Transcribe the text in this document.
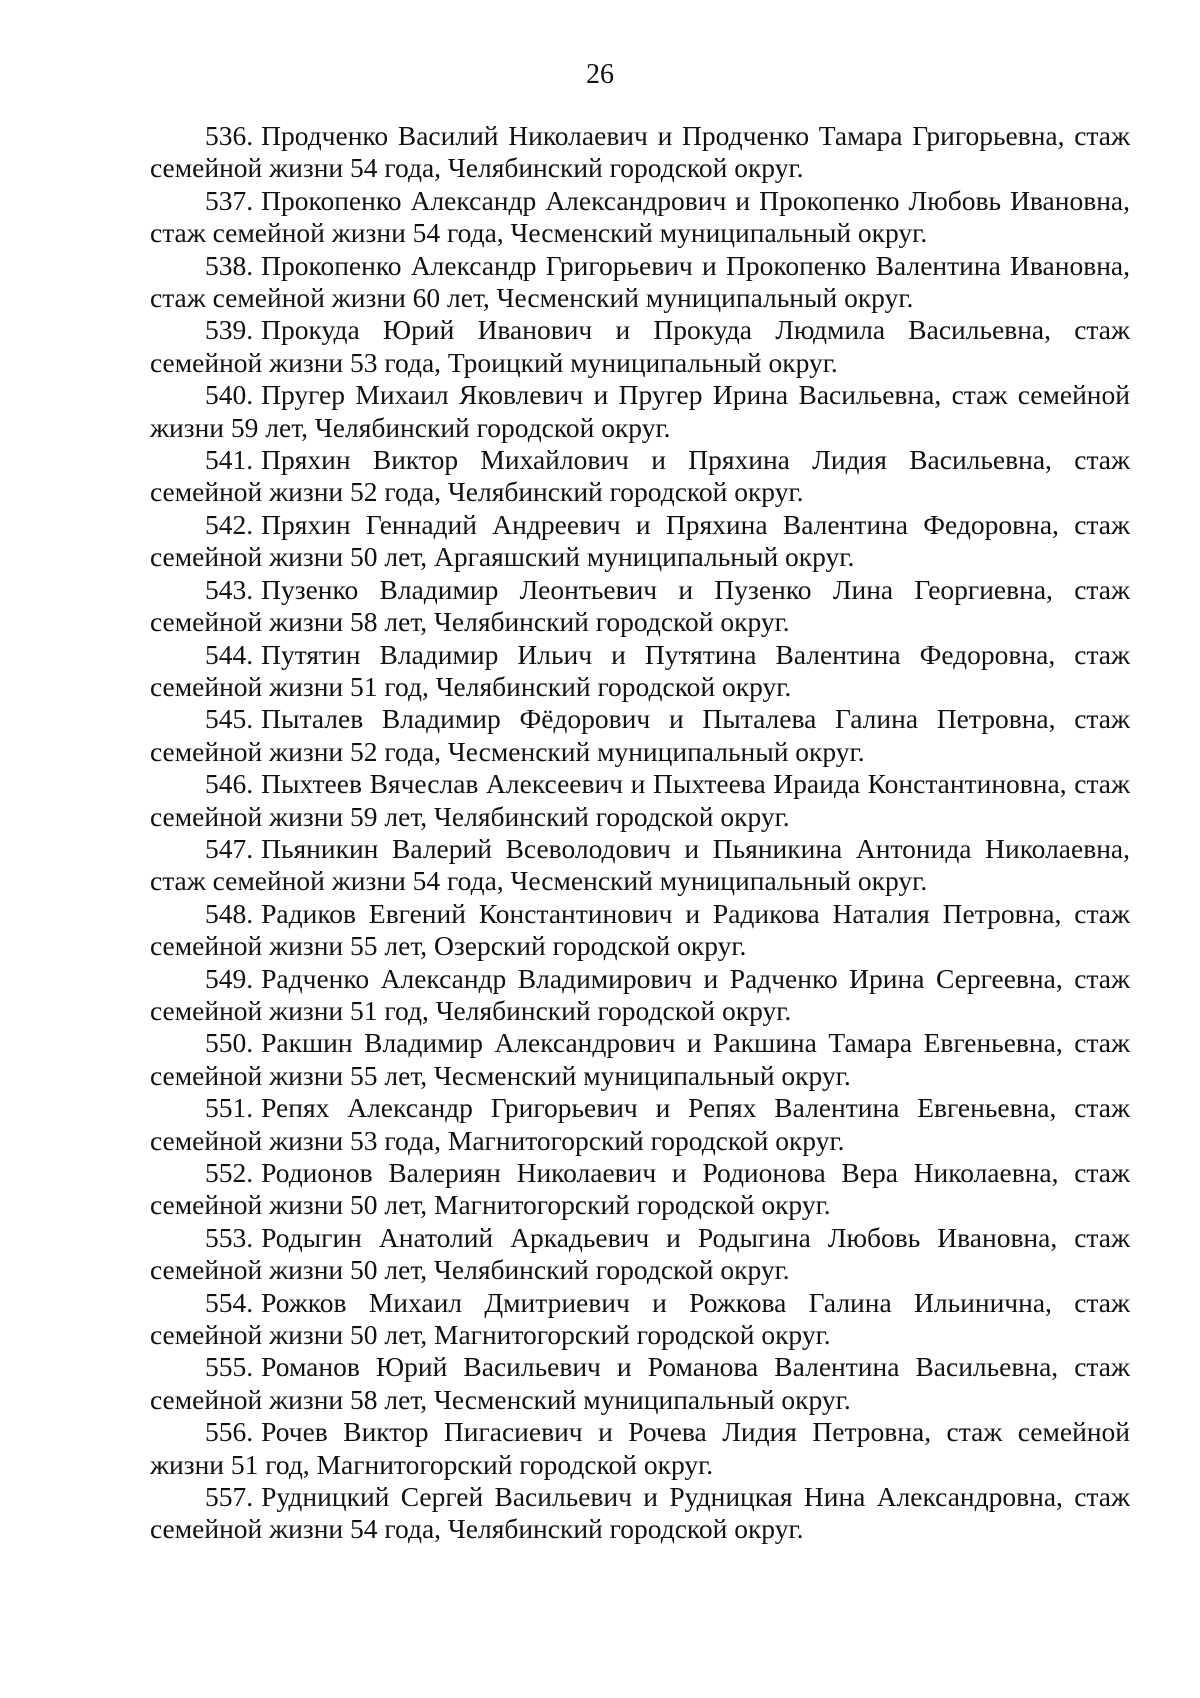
26

536. Продченко Василий Николаевич и Продченко Тамара Григорьевна, стаж семейной жизни 54 года, Челябинский городской округ.

537. Прокопенко Александр Александрович и Прокопенко Любовь Ивановна, стаж семейной жизни 54 года, Чесменский муниципальный округ.

538. Прокопенко Александр Григорьевич и Прокопенко Валентина Ивановна, стаж семейной жизни 60 лет, Чесменский муниципальный округ.

539. Прокуда Юрий Иванович и Прокуда Людмила Васильевна, стаж семейной жизни 53 года, Троицкий муниципальный округ.

540. Пругер Михаил Яковлевич и Пругер Ирина Васильевна, стаж семейной жизни 59 лет, Челябинский городской округ.

541. Пряхин Виктор Михайлович и Пряхина Лидия Васильевна, стаж семейной жизни 52 года, Челябинский городской округ.

542. Пряхин Геннадий Андреевич и Пряхина Валентина Федоровна, стаж семейной жизни 50 лет, Аргаяшский муниципальный округ.

543. Пузенко Владимир Леонтьевич и Пузенко Лина Георгиевна, стаж семейной жизни 58 лет, Челябинский городской округ.

544. Путятин Владимир Ильич и Путятина Валентина Федоровна, стаж семейной жизни 51 год, Челябинский городской округ.

545. Пыталев Владимир Фёдорович и Пыталева Галина Петровна, стаж семейной жизни 52 года, Чесменский муниципальный округ.

546. Пыхтеев Вячеслав Алексеевич и Пыхтеева Ираида Константиновна, стаж семейной жизни 59 лет, Челябинский городской округ.

547. Пьяникин Валерий Всеволодович и Пьяникина Антонида Николаевна, стаж семейной жизни 54 года, Чесменский муниципальный округ.

548. Радиков Евгений Константинович и Радикова Наталия Петровна, стаж семейной жизни 55 лет, Озерский городской округ.

549. Радченко Александр Владимирович и Радченко Ирина Сергеевна, стаж семейной жизни 51 год, Челябинский городской округ.

550. Ракшин Владимир Александрович и Ракшина Тамара Евгеньевна, стаж семейной жизни 55 лет, Чесменский муниципальный округ.

551. Репях Александр Григорьевич и Репях Валентина Евгеньевна, стаж семейной жизни 53 года, Магнитогорский городской округ.

552. Родионов Валериян Николаевич и Родионова Вера Николаевна, стаж семейной жизни 50 лет, Магнитогорский городской округ.

553. Родыгин Анатолий Аркадьевич и Родыгина Любовь Ивановна, стаж семейной жизни 50 лет, Челябинский городской округ.

554. Рожков Михаил Дмитриевич и Рожкова Галина Ильинична, стаж семейной жизни 50 лет, Магнитогорский городской округ.

555. Романов Юрий Васильевич и Романова Валентина Васильевна, стаж семейной жизни 58 лет, Чесменский муниципальный округ.

556. Рочев Виктор Пигасиевич и Рочева Лидия Петровна, стаж семейной жизни 51 год, Магнитогорский городской округ.

557. Рудницкий Сергей Васильевич и Рудницкая Нина Александровна, стаж семейной жизни 54 года, Челябинский городской округ.
